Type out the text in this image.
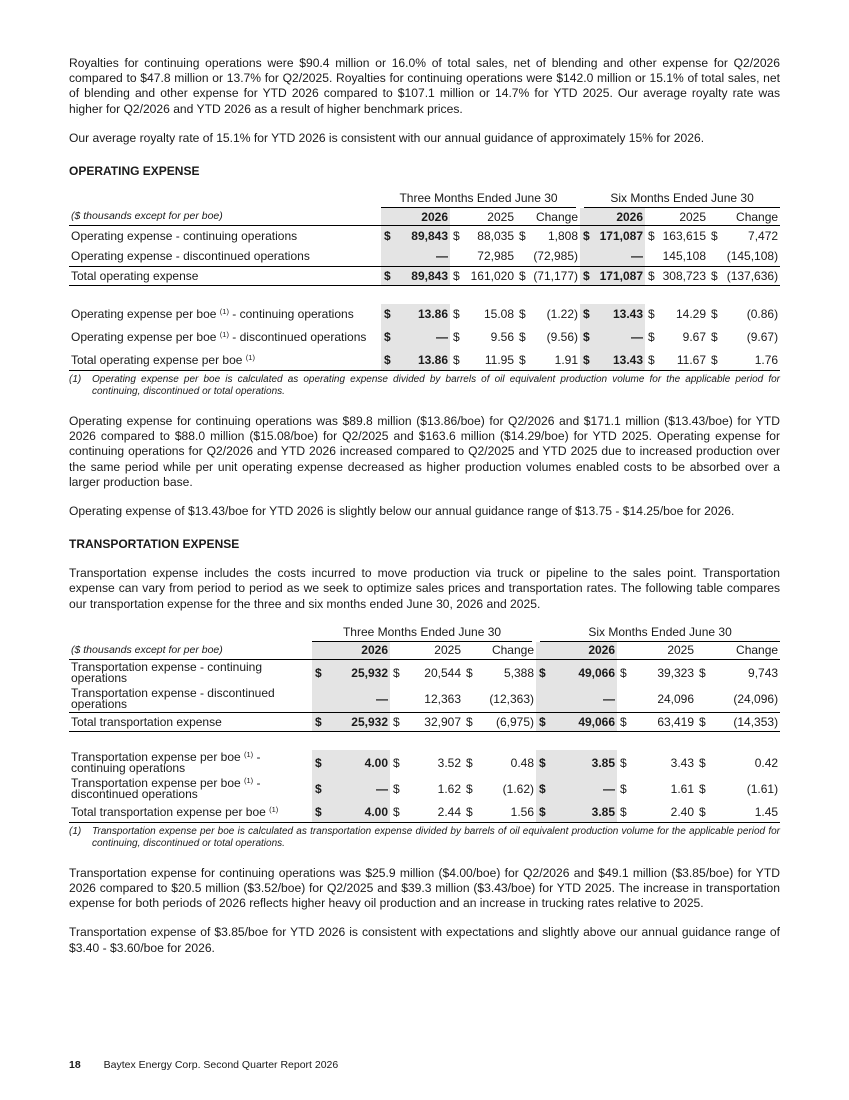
Royalties for continuing operations were $90.4 million or 16.0% of total sales, net of blending and other expense for Q2/2026 compared to $47.8 million or 13.7% for Q2/2025. Royalties for continuing operations were $142.0 million or 15.1% of total sales, net of blending and other expense for YTD 2026 compared to $107.1 million or 14.7% for YTD 2025. Our average royalty rate was higher for Q2/2026 and YTD 2026 as a result of higher benchmark prices.

Our average royalty rate of 15.1% for YTD 2026 is consistent with our annual guidance of approximately 15% for 2026.

OPERATING EXPENSE
	Three Months Ended June 30						Six Months Ended June 30					
($ thousands except for per boe)		2026		2025		Change		2026		2025		Change
Operating expense - continuing operations	$	89,843	$	88,035	$	1,808	$	171,087	$	163,615	$	7,472
Operating expense - discontinued operations		—		72,985		(72,985)		—		145,108		(145,108)
Total operating expense	$	89,843	$	161,020	$	(71,177)	$	171,087	$	308,723	$	(137,636)

Operating expense per boe $^{(1)}$ - continuing operations	$	13.86	$	15.08	$	(1.22)	$	13.43	$	14.29	$	(0.86)
Operating expense per boe $^{(1)}$ - discontinued operations	$	—	$	9.56	$	(9.56)	$	—	$	9.67	$	(9.67)
Total operating expense per boe $^{(1)}$	$	13.86	$	11.95	$	1.91	$	13.43	$	11.67	$	1.76
(1)	Operating expense per boe is calculated as operating expense divided by barrels of oil equivalent production volume for the applicable period for continuing, discontinued or total operations.

Operating expense for continuing operations was $89.8 million ($13.86/boe) for Q2/2026 and $171.1 million ($13.43/boe) for YTD 2026 compared to $88.0 million ($15.08/boe) for Q2/2025 and $163.6 million ($14.29/boe) for YTD 2025. Operating expense for continuing operations for Q2/2026 and YTD 2026 increased compared to Q2/2025 and YTD 2025 due to increased production over the same period while per unit operating expense decreased as higher production volumes enabled costs to be absorbed over a larger production base.

Operating expense of $13.43/boe for YTD 2026 is slightly below our annual guidance range of $13.75 - $14.25/boe for 2026.

TRANSPORTATION EXPENSE

Transportation expense includes the costs incurred to move production via truck or pipeline to the sales point. Transportation expense can vary from period to period as we seek to optimize sales prices and transportation rates. The following table compares our transportation expense for the three and six months ended June 30, 2026 and 2025.

	Three Months Ended June 30						Six Months Ended June 30					
($ thousands except for per boe)		2026		2025		Change		2026		2025		Change
Transportation expense - continuing operations	$	25,932	$	20,544	$	5,388	$	49,066	$	39,323	$	9,743
Transportation expense - discontinued operations		—		12,363		(12,363)		—		24,096		(24,096)
Total transportation expense	$	25,932	$	32,907	$	(6,975)	$	49,066	$	63,419	$	(14,353)

Transportation expense per boe $^{(1)}$ - continuing operations	$	4.00	$	3.52	$	0.48	$	3.85	$	3.43	$	0.42
Transportation expense per boe $^{(1)}$ - discontinued operations	$	—	$	1.62	$	(1.62)	$	—	$	1.61	$	(1.61)
Total transportation expense per boe $^{(1)}$	$	4.00	$	2.44	$	1.56	$	3.85	$	2.40	$	1.45
(1)	Transportation expense per boe is calculated as transportation expense divided by barrels of oil equivalent production volume for the applicable period for continuing, discontinued or total operations.

Transportation expense for continuing operations was $25.9 million ($4.00/boe) for Q2/2026 and $49.1 million ($3.85/boe) for YTD 2026 compared to $20.5 million ($3.52/boe) for Q2/2025 and $39.3 million ($3.43/boe) for YTD 2025. The increase in transportation expense for both periods of 2026 reflects higher heavy oil production and an increase in trucking rates relative to 2025.

Transportation expense of $3.85/boe for YTD 2026 is consistent with expectations and slightly above our annual guidance range of $3.40 - $3.60/boe for 2026.

18 Baytex Energy Corp. Second Quarter Report 2026
